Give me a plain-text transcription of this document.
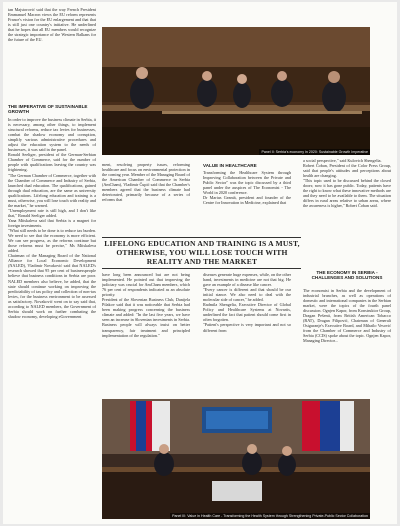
ian Majstorović said that the way French President Emmanuel Macron views the EU reform represents France's vision for the EU enlargement and that that is still just one country's initiative. He underlined that he hopes that all EU members would recognize the strategic importance of the Western Balkans for the future of the EU.
THE IMPERATIVE OF SUSTAINABLE GROWTH
In order to improve the business climate in Serbia, it is necessary, among other things, to implement structural reforms, reduce tax levies for businesses, combat the shadow economy and corruption, simplify various administrative procedures and adjust the education system to the needs of businesses, it was said in the panel.
Ronald Seeliger, president of the German-Serbian Chamber of Commerce, said for the number of people with qualifications leaving the country was frightening.
"The German Chamber of Commerce, together with the Chamber of Commerce and Industry of Serbia, launched dual education. The qualifications, gained through dual education, are the same as university qualifications. Lifelong education and training is a must, otherwise, you will lose touch with reality and the market," he warned.
"Unemployment rate is still high, and I don't like that," Ronald Seeliger added.
Yana Mitskaleva said that Serbia is a magnet for foreign investments.
"What still needs to be done is to reduce tax burden. We need to see that the economy is more efficient. We can see progress, as the reforms continue but those reforms must be precise," Ms Mitskaleva added.
Chairman of the Managing Board of the National Alliance for Local Economic Development (NALED), Vladimir Novaković said that NALED's research showed that 95 per cent of businesspeople believe that business conditions in Serbia are poor. NALED members also believe, he added, that the state should continue working on improving the predictability of tax policy and collection of non-tax levies, for the business environment to be assessed as satisfactory. Novaković went on to say said that, according to NALED members, the Government of Serbia should work on further combating the shadow economy, developing eGovernment
Panel II: Serbia's economy in 2020: Sustainable Growth Imperative
ment, resolving property issues, reforming healthcare and focus on environmental protection in the coming year. Member of the Managing Board of the American Chamber of Commerce in Serbia (AmCham), Vladimir Čupić said that the Chamber's members agreed that the business climate had deteriorated, primarily because of a series of reforms that
VALUE IN HEALTHCARE
Transforming the Healthcare System through Improving Collaboration between the Private and Public Sector" was the topic discussed by a third panel under the auspices of The Economist - The World in 2020 conference.
Dr Marius Geantă, president and founder of the Centre for Innovation in Medicine, explained that
a social perspective," said Kulovich Shengelia.
Robert Čoban, President of the Color Press Group, said that people's attitudes and perceptions about health are changing.
"This topic used to be discussed behind the closed doors; now it has gone public. Today, patients have the right to know what these innovative methods are and they need to be available to them. The situation differs in rural areas relative to urban areas, where the awareness is higher," Robert Čoban said.
LIFELONG EDUCATION AND TRAINING IS A MUST, OTHERWISE, YOU WILL LOSE TOUCH WITH REALITY AND THE MARKET
have long been announced but are not being implemented. He pointed out that improving the judiciary was crucial for AmCham members, which 76 per cent of respondents indicated as an absolute priority.
President of the Slovenian Business Club, Danijela Pilakov said that it was noticeable that Serbia had been making progress concerning the business climate and added: "In the last five years, we have seen an increase in Slovenian investments in Serbia. Business people will always insist on better transparency, fair treatment and principled implementation of the regulation."
diseases generate huge expenses, while, on the other hand, investments in medicine are not that big. He gave an example of a disease like cancer.
"Every cancer is different and that should be our initial stance. We also need to deal with the molecular side of cancer," he added.
Radmila Shengelia, Executive Director of Global Policy and Healthcare Systems at Novartis, underlined the fact that patient should come first in often forgotten.
"Patient's perspective is very important and not so different from
THE ECONOMY IN SERBIA - CHALLENGES AND SOLUTIONS
The economist in Serbia and the development of industrial branches, as well as operations of domestic and international companies in the Serbian market, were the topics of the fourth panel discussion. Ognjen Kapor, from Konstruktor Group, Dragan Pešenti, from British American Tobacco (BAT), Dragan Filipović, Chairman of Generali Osiguranje's Executive Board, and Mihailo Vesović from the Chamber of Commerce and Industry of Serbia (CCIS) spoke about the topic. Ognjen Kapor, Managing Director...
Panel III: Value in Health Care - Transforming the Health System through Strengthening Private-Public Sector Collaboration
